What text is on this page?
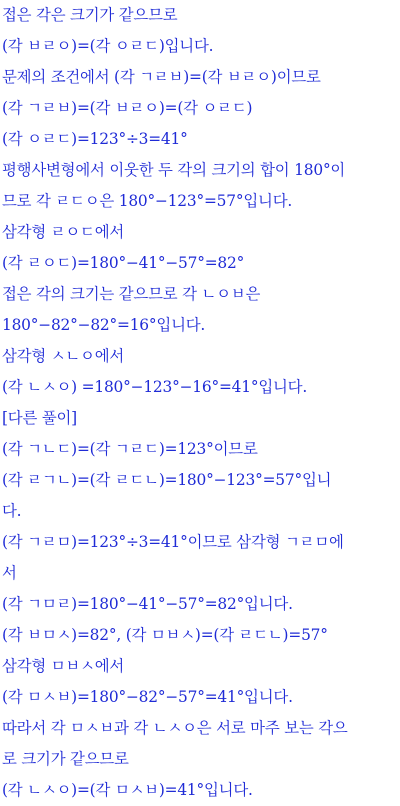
접은 각은 크기가 같으므로
(각 ㅂㄹㅇ)=(각 ㅇㄹㄷ)입니다.
문제의 조건에서 (각 ㄱㄹㅂ)=(각 ㅂㄹㅇ)이므로
(각 ㄱㄹㅂ)=(각 ㅂㄹㅇ)=(각 ㅇㄹㄷ)
(각 ㅇㄹㄷ)=123°÷3=41°
평행사변형에서 이웃한 두 각의 크기의 합이 180°이
므로 각 ㄹㄷㅇ은 180°−123°=57°입니다.
삼각형 ㄹㅇㄷ에서
(각 ㄹㅇㄷ)=180°−41°−57°=82°
접은 각의 크기는 같으므로 각 ㄴㅇㅂ은
180°−82°−82°=16°입니다.
삼각형 ㅅㄴㅇ에서
(각 ㄴㅅㅇ) =180°−123°−16°=41°입니다.
[다른 풀이]
(각 ㄱㄴㄷ)=(각 ㄱㄹㄷ)=123°이므로
(각 ㄹㄱㄴ)=(각 ㄹㄷㄴ)=180°−123°=57°입니
다.
(각 ㄱㄹㅁ)=123°÷3=41°이므로 삼각형 ㄱㄹㅁ에
서
(각 ㄱㅁㄹ)=180°−41°−57°=82°입니다.
(각 ㅂㅁㅅ)=82°, (각 ㅁㅂㅅ)=(각 ㄹㄷㄴ)=57°
삼각형 ㅁㅂㅅ에서
(각 ㅁㅅㅂ)=180°−82°−57°=41°입니다.
따라서 각 ㅁㅅㅂ과 각 ㄴㅅㅇ은 서로 마주 보는 각으
로 크기가 같으므로
(각 ㄴㅅㅇ)=(각 ㅁㅅㅂ)=41°입니다.
